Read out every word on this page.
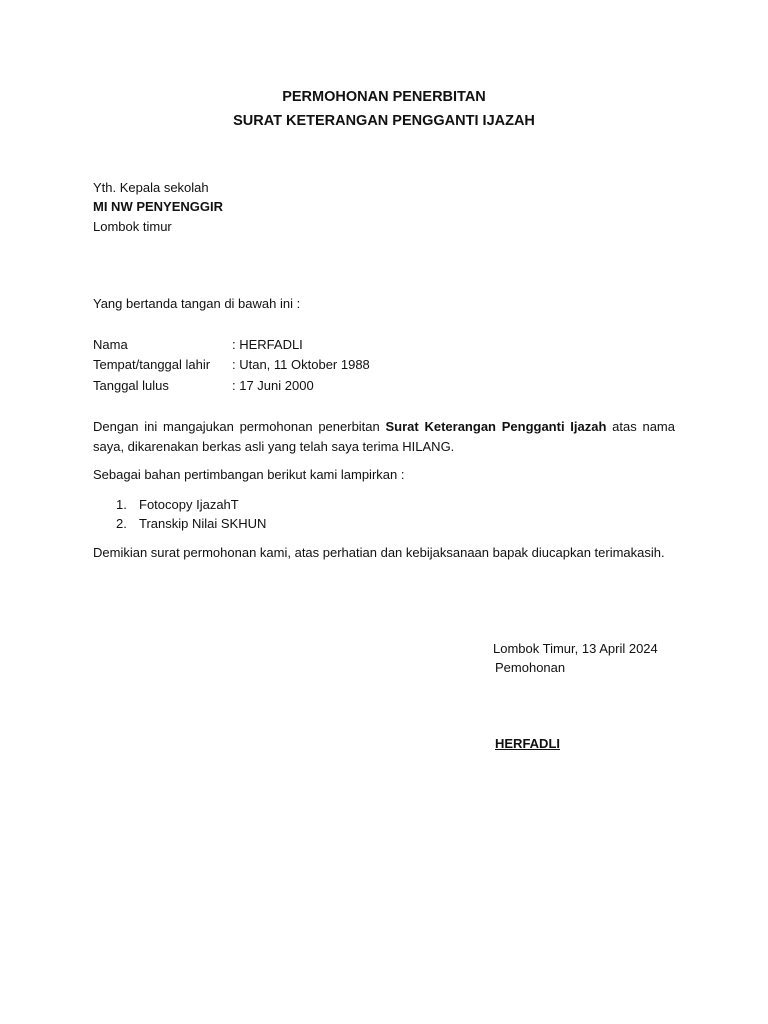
PERMOHONAN PENERBITAN
SURAT KETERANGAN PENGGANTI IJAZAH
Yth. Kepala sekolah
MI NW PENYENGGIR
Lombok timur
Yang bertanda tangan di bawah ini :
Nama	: HERFADLI
Tempat/tanggal lahir : Utan, 11 Oktober 1988
Tanggal lulus	: 17 Juni 2000
Dengan ini mangajukan permohonan penerbitan Surat Keterangan Pengganti Ijazah atas nama saya, dikarenakan berkas asli yang telah saya terima HILANG.
Sebagai bahan pertimbangan berikut kami lampirkan :
1. Fotocopy IjazahT
2. Transkip Nilai SKHUN
Demikian surat permohonan kami, atas perhatian dan kebijaksanaan bapak diucapkan terimakasih.
Lombok Timur, 13 April 2024
Pemohonan
HERFADLI
